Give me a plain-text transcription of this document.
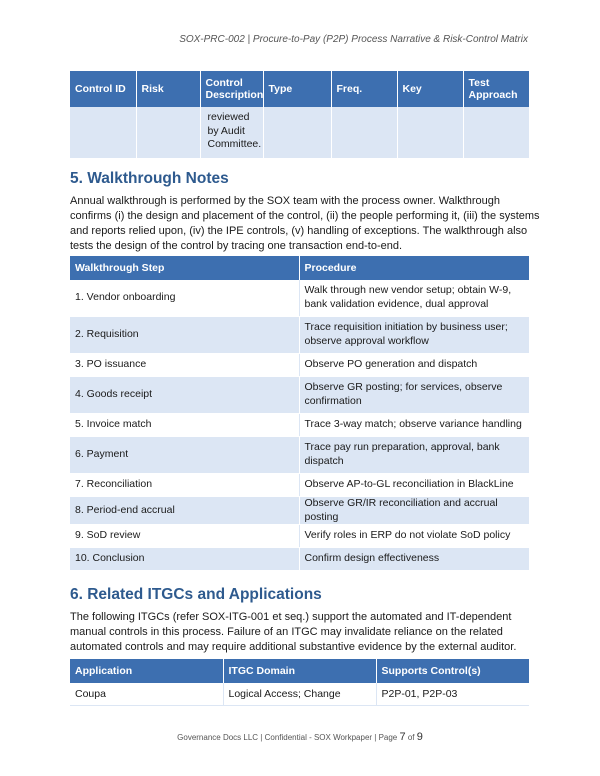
SOX-PRC-002 | Procure-to-Pay (P2P) Process Narrative & Risk-Control Matrix
Control ID	Risk	Control Description	Type	Freq.	Key	Test Approach
		reviewed by Audit Committee.				
5. Walkthrough Notes

Annual walkthrough is performed by the SOX team with the process owner. Walkthrough confirms (i) the design and placement of the control, (ii) the people performing it, (iii) the systems and reports relied upon, (iv) the IPE controls, (v) handling of exceptions. The walkthrough also tests the design of the control by tracing one transaction end-to-end.

Walkthrough Step	Procedure
1. Vendor onboarding	Walk through new vendor setup; obtain W-9, bank validation evidence, dual approval
2. Requisition	Trace requisition initiation by business user; observe approval workflow
3. PO issuance	Observe PO generation and dispatch
4. Goods receipt	Observe GR posting; for services, observe confirmation
5. Invoice match	Trace 3-way match; observe variance handling
6. Payment	Trace pay run preparation, approval, bank dispatch
7. Reconciliation	Observe AP-to-GL reconciliation in BlackLine
8. Period-end accrual	Observe GR/IR reconciliation and accrual posting
9. SoD review	Verify roles in ERP do not violate SoD policy
10. Conclusion	Confirm design effectiveness
6. Related ITGCs and Applications

The following ITGCs (refer SOX-ITG-001 et seq.) support the automated and IT-dependent manual controls in this process. Failure of an ITGC may invalidate reliance on the related automated controls and may require additional substantive evidence by the external auditor.

Application	ITGC Domain	Supports Control(s)
Coupa	Logical Access; Change	P2P-01, P2P-03
Governance Docs LLC | Confidential - SOX Workpaper | Page 7 of 9
